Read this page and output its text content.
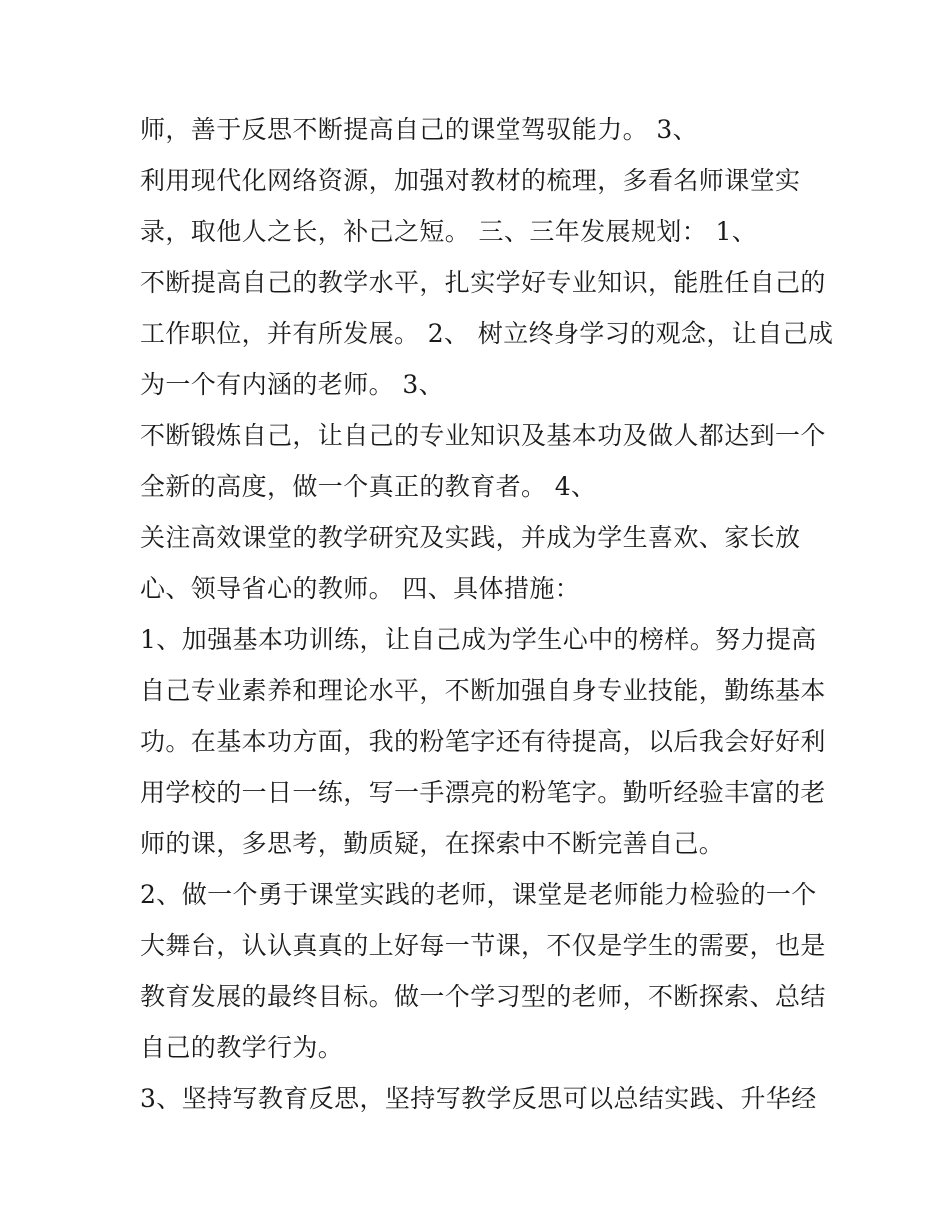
师，善于反思不断提高自己的课堂驾驭能力。 3、
利用现代化网络资源，加强对教材的梳理，多看名师课堂实
录，取他人之长，补己之短。 三、三年发展规划： 1、
不断提高自己的教学水平，扎实学好专业知识，能胜任自己的
工作职位，并有所发展。 2、 树立终身学习的观念，让自己成
为一个有内涵的老师。 3、
不断锻炼自己，让自己的专业知识及基本功及做人都达到一个
全新的高度，做一个真正的教育者。 4、
关注高效课堂的教学研究及实践，并成为学生喜欢、家长放
心、领导省心的教师。 四、具体措施：
1、加强基本功训练，让自己成为学生心中的榜样。努力提高
自己专业素养和理论水平，不断加强自身专业技能，勤练基本
功。在基本功方面，我的粉笔字还有待提高，以后我会好好利
用学校的一日一练，写一手漂亮的粉笔字。勤听经验丰富的老
师的课，多思考，勤质疑，在探索中不断完善自己。
2、做一个勇于课堂实践的老师，课堂是老师能力检验的一个
大舞台，认认真真的上好每一节课，不仅是学生的需要，也是
教育发展的最终目标。做一个学习型的老师，不断探索、总结
自己的教学行为。
3、坚持写教育反思，坚持写教学反思可以总结实践、升华经
